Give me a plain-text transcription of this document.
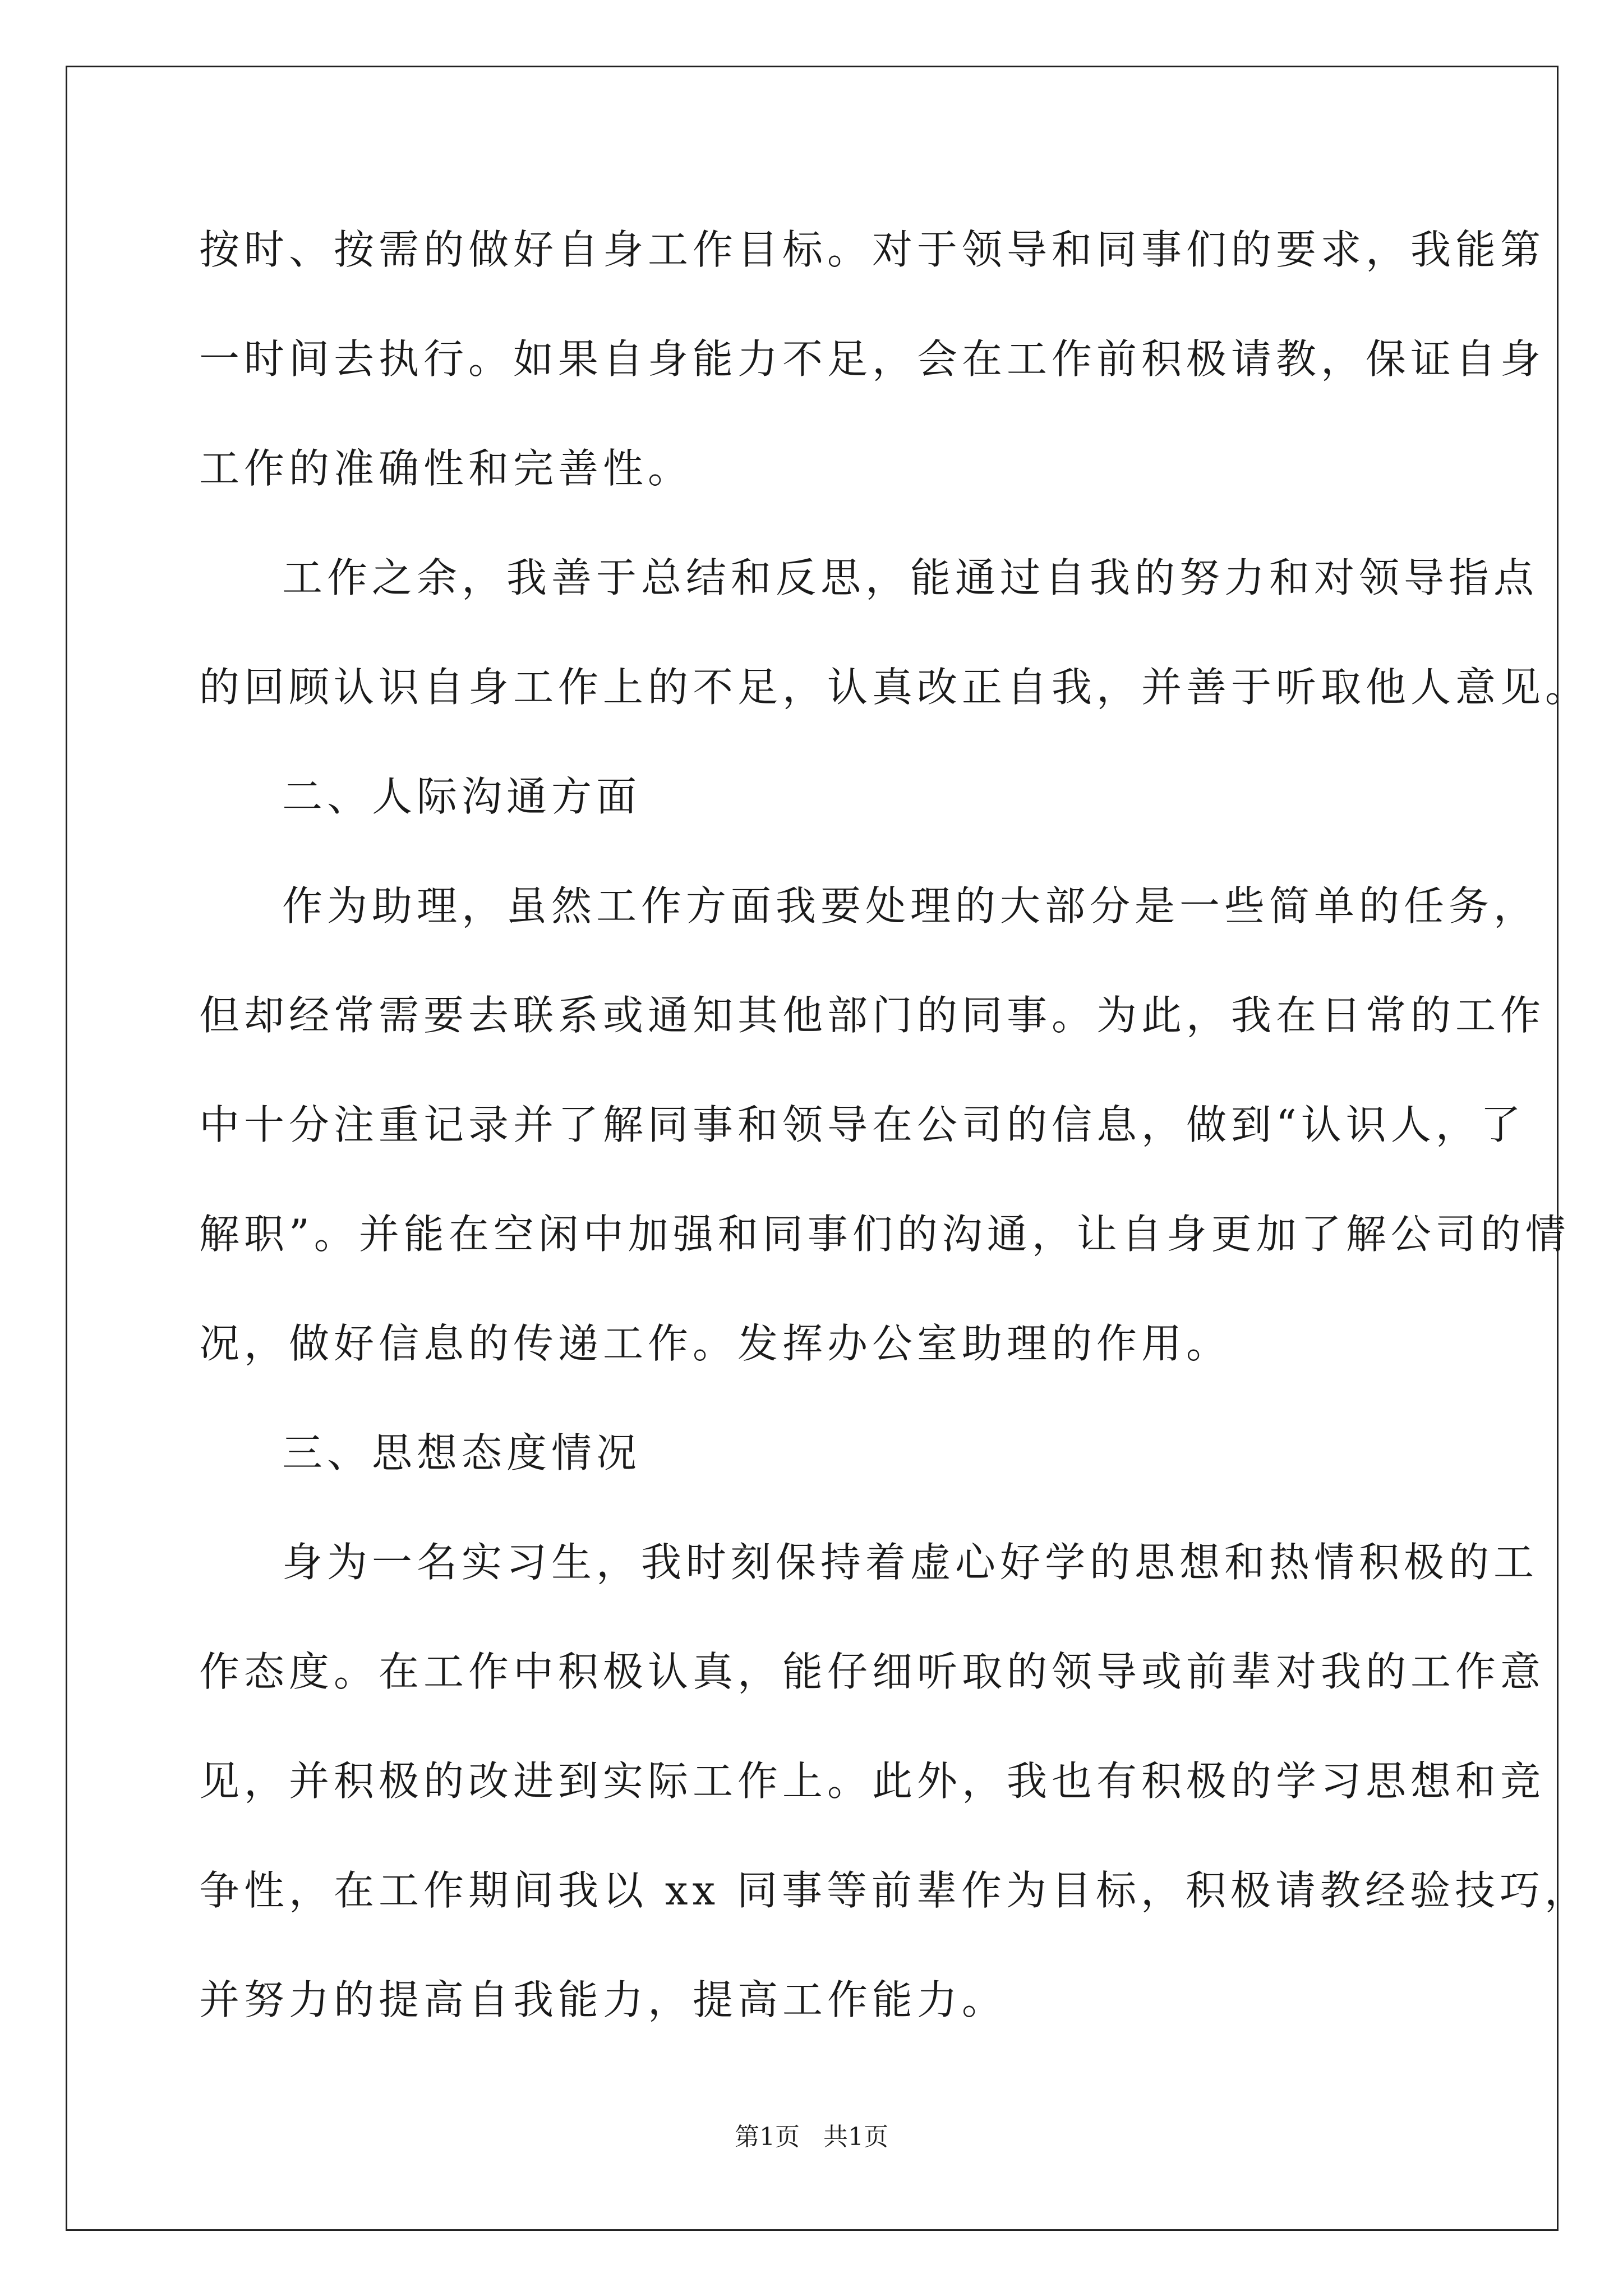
按时、按需的做好自身工作目标。对于领导和同事们的要求，我能第
一时间去执行。如果自身能力不足，会在工作前积极请教，保证自身
工作的准确性和完善性。
工作之余，我善于总结和反思，能通过自我的努力和对领导指点
的回顾认识自身工作上的不足，认真改正自我，并善于听取他人意见。
二、人际沟通方面
作为助理，虽然工作方面我要处理的大部分是一些简单的任务，
但却经常需要去联系或通知其他部门的同事。为此，我在日常的工作
中十分注重记录并了解同事和领导在公司的信息，做到“认识人，了
解职”。并能在空闲中加强和同事们的沟通，让自身更加了解公司的情
况，做好信息的传递工作。发挥办公室助理的作用。
三、思想态度情况
身为一名实习生，我时刻保持着虚心好学的思想和热情积极的工
作态度。在工作中积极认真，能仔细听取的领导或前辈对我的工作意
见，并积极的改进到实际工作上。此外，我也有积极的学习思想和竞
争性，在工作期间我以 xx 同事等前辈作为目标，积极请教经验技巧，
并努力的提高自我能力，提高工作能力。
第1页   共1页
